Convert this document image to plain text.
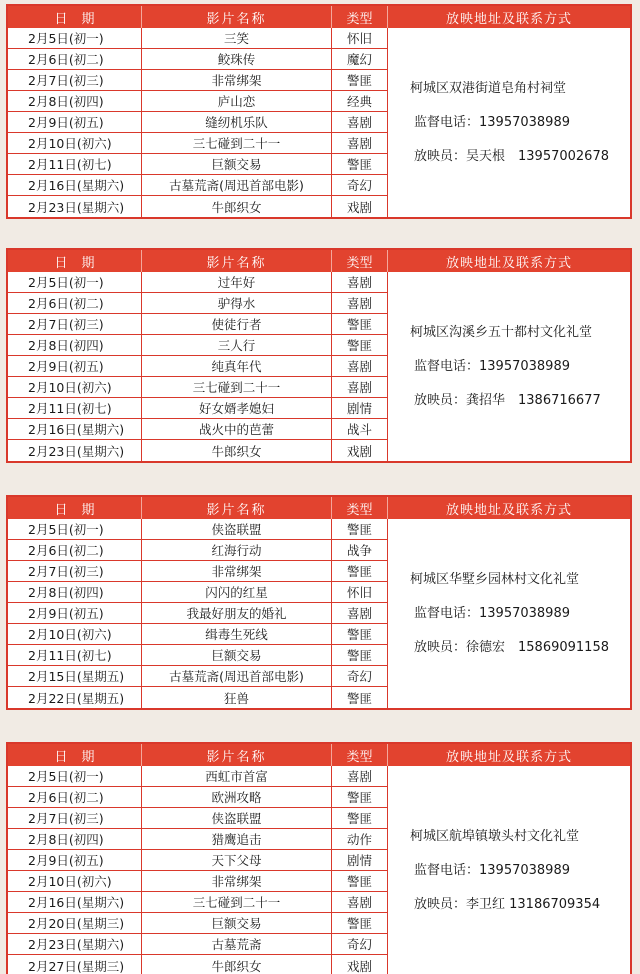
日期	影片名称	类型	放映地址及联系方式
2月5日(初一)	三笑	怀旧
2月6日(初二)	鲛珠传	魔幻
2月7日(初三)	非常绑架	警匪
2月8日(初四)	庐山恋	经典
2月9日(初五)	缝纫机乐队	喜剧
2月10日(初六)	三七碰到二十一	喜剧
2月11日(初七)	巨额交易	警匪
2月16日(星期六)	古墓荒斋(周迅首部电影)	奇幻
2月23日(星期六)	牛郎织女	戏剧
柯城区双港街道皂角村祠堂
监督电话：13957038989
放映员：吴天根　13957002678
日期	影片名称	类型	放映地址及联系方式
2月5日(初一)	过年好	喜剧
2月6日(初二)	驴得水	喜剧
2月7日(初三)	使徒行者	警匪
2月8日(初四)	三人行	警匪
2月9日(初五)	纯真年代	喜剧
2月10日(初六)	三七碰到二十一	喜剧
2月11日(初七)	好女婿孝媳妇	剧情
2月16日(星期六)	战火中的芭蕾	战斗
2月23日(星期六)	牛郎织女	戏剧
柯城区沟溪乡五十都村文化礼堂
监督电话：13957038989
放映员：龚招华　1386716677
日期	影片名称	类型	放映地址及联系方式
2月5日(初一)	侠盗联盟	警匪
2月6日(初二)	红海行动	战争
2月7日(初三)	非常绑架	警匪
2月8日(初四)	闪闪的红星	怀旧
2月9日(初五)	我最好朋友的婚礼	喜剧
2月10日(初六)	缉毒生死线	警匪
2月11日(初七)	巨额交易	警匪
2月15日(星期五)	古墓荒斋(周迅首部电影)	奇幻
2月22日(星期五)	狂兽	警匪
柯城区华墅乡园林村文化礼堂
监督电话：13957038989
放映员：徐德宏　15869091158
日期	影片名称	类型	放映地址及联系方式
2月5日(初一)	西虹市首富	喜剧
2月6日(初二)	欧洲攻略	警匪
2月7日(初三)	侠盗联盟	警匪
2月8日(初四)	猎鹰追击	动作
2月9日(初五)	天下父母	剧情
2月10日(初六)	非常绑架	警匪
2月16日(星期六)	三七碰到二十一	喜剧
2月20日(星期三)	巨额交易	警匪
2月23日(星期六)	古墓荒斋	奇幻
2月27日(星期三)	牛郎织女	戏剧
柯城区航埠镇墩头村文化礼堂
监督电话：13957038989
放映员：李卫红 13186709354
